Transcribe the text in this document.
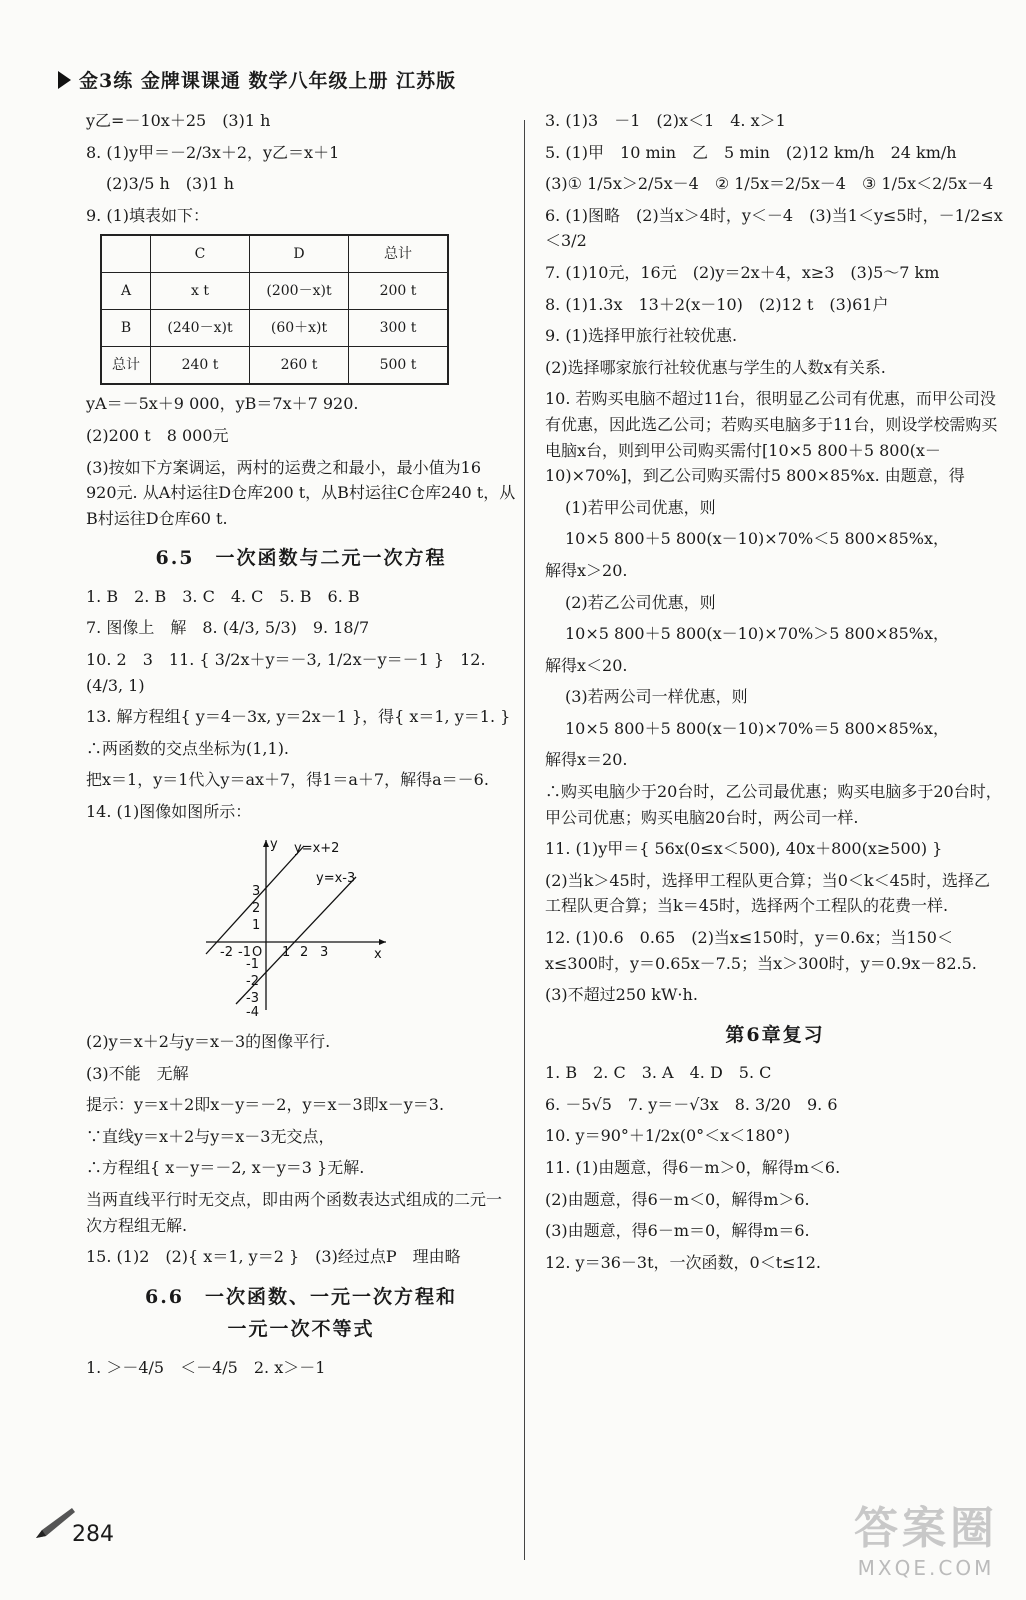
金3练 金牌课课通 数学八年级上册 江苏版

y乙=－10x＋25　(3)1 h

8. (1)y甲＝－2/3x＋2，y乙＝x＋1

(2)3/5 h　(3)1 h

9. (1)填表如下：

	C	D	总计
A	x t	(200－x)t	200 t
B	(240－x)t	(60＋x)t	300 t
总计	240 t	260 t	500 t

yA＝－5x＋9 000，yB＝7x＋7 920.

(2)200 t　8 000元

(3)按如下方案调运，两村的运费之和最小，最小值为16 920元. 从A村运往D仓库200 t，从B村运往C仓库240 t，从B村运往D仓库60 t.

6.5　一次函数与二元一次方程

1. B　2. B　3. C　4. C　5. B　6. B

7. 图像上　解　8. (4/3, 5/3)　9. 18/7

10. 2　3　11. { 3/2x＋y＝－3, 1/2x－y＝－1 }　12. (4/3, 1)

13. 解方程组{ y＝4－3x, y＝2x－1 }，得{ x＝1, y＝1. }

∴两函数的交点坐标为(1,1).

把x＝1，y＝1代入y＝ax＋7，得1＝a＋7，解得a＝－6.

14. (1)图像如图所示：

y=x+2
y=x-3
x
y
O
-2 -1 1 2 3
3
2
1
-1
-2
-3
-4

(2)y＝x＋2与y＝x－3的图像平行.

(3)不能　无解

提示：y＝x＋2即x－y＝－2，y＝x－3即x－y＝3.

∵直线y＝x＋2与y＝x－3无交点，

∴方程组{ x－y＝－2, x－y＝3 }无解.

当两直线平行时无交点，即由两个函数表达式组成的二元一次方程组无解.

15. (1)2　(2){ x＝1, y＝2 }　(3)经过点P　理由略

6.6　一次函数、一元一次方程和
一元一次不等式

1. ＞－4/5　＜－4/5　2. x＞－1

3. (1)3　－1　(2)x＜1　4. x＞1

5. (1)甲　10 min　乙　5 min　(2)12 km/h　24 km/h

(3)① 1/5x＞2/5x－4　② 1/5x＝2/5x－4　③ 1/5x＜2/5x－4

6. (1)图略　(2)当x＞4时，y＜－4　(3)当1＜y≤5时，－1/2≤x＜3/2

7. (1)10元，16元　(2)y＝2x＋4，x≥3　(3)5～7 km

8. (1)1.3x　13＋2(x－10)　(2)12 t　(3)61户

9. (1)选择甲旅行社较优惠.

(2)选择哪家旅行社较优惠与学生的人数x有关系.

10. 若购买电脑不超过11台，很明显乙公司有优惠，而甲公司没有优惠，因此选乙公司；若购买电脑多于11台，则设学校需购买电脑x台，则到甲公司购买需付[10×5 800＋5 800(x－10)×70%]，到乙公司购买需付5 800×85%x. 由题意，得

(1)若甲公司优惠，则

10×5 800＋5 800(x－10)×70%＜5 800×85%x，

解得x＞20.

(2)若乙公司优惠，则

10×5 800＋5 800(x－10)×70%＞5 800×85%x，

解得x＜20.

(3)若两公司一样优惠，则

10×5 800＋5 800(x－10)×70%＝5 800×85%x，

解得x＝20.

∴购买电脑少于20台时，乙公司最优惠；购买电脑多于20台时，甲公司优惠；购买电脑20台时，两公司一样.

11. (1)y甲＝{ 56x(0≤x＜500), 40x＋800(x≥500) }

(2)当k＞45时，选择甲工程队更合算；当0＜k＜45时，选择乙工程队更合算；当k＝45时，选择两个工程队的花费一样.

12. (1)0.6　0.65　(2)当x≤150时，y＝0.6x；当150＜x≤300时，y＝0.65x－7.5；当x＞300时，y＝0.9x－82.5.

(3)不超过250 kW·h.

第6章复习

1. B　2. C　3. A　4. D　5. C

6. －5√5　7. y＝－√3x　8. 3/20　9. 6

10. y＝90°＋1/2x(0°＜x＜180°)

11. (1)由题意，得6－m＞0，解得m＜6.

(2)由题意，得6－m＜0，解得m＞6.

(3)由题意，得6－m＝0，解得m＝6.

12. y＝36－3t，一次函数，0＜t≤12.

284	答案圈
MXQE.COM
